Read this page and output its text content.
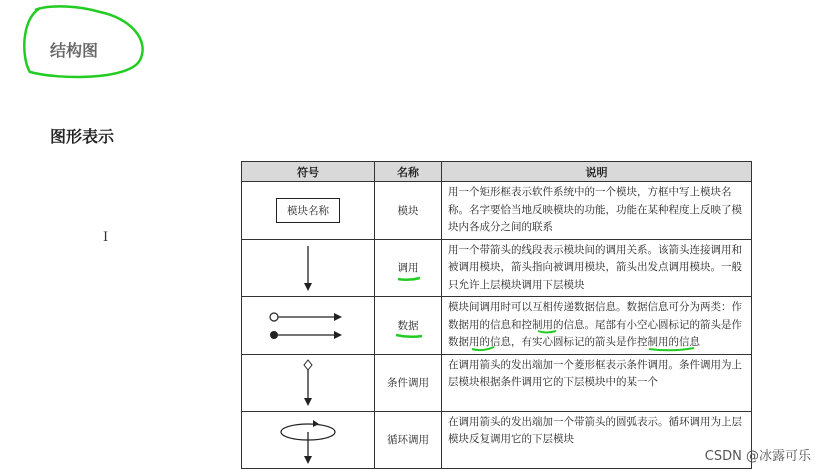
结构图
图形表示
I
符号	名称	说明
模块名称	模块	用一个矩形框表示软件系统中的一个模块，方框中写上模块名称。名字要恰当地反映模块的功能，功能在某种程度上反映了模块内各成分之间的联系

	调用	用一个带箭头的线段表示模块间的调用关系。该箭头连接调用和被调用模块，箭头指向被调用模块，箭头出发点调用模块。一般只允许上层模块调用下层模块

	数据	模块间调用时可以互相传递数据信息。数据信息可分为两类：作数据用的信息和控制用的信息。尾部有小空心圆标记的箭头是作数据用的信息，有实心圆标记的箭头是作控制用的信息

	条件调用	在调用箭头的发出端加一个菱形框表示条件调用。条件调用为上层模块根据条件调用它的下层模块中的某一个

	循环调用	在调用箭头的发出端加一个带箭头的圆弧表示。循环调用为上层模块反复调用它的下层模块
CSDN @冰露可乐
